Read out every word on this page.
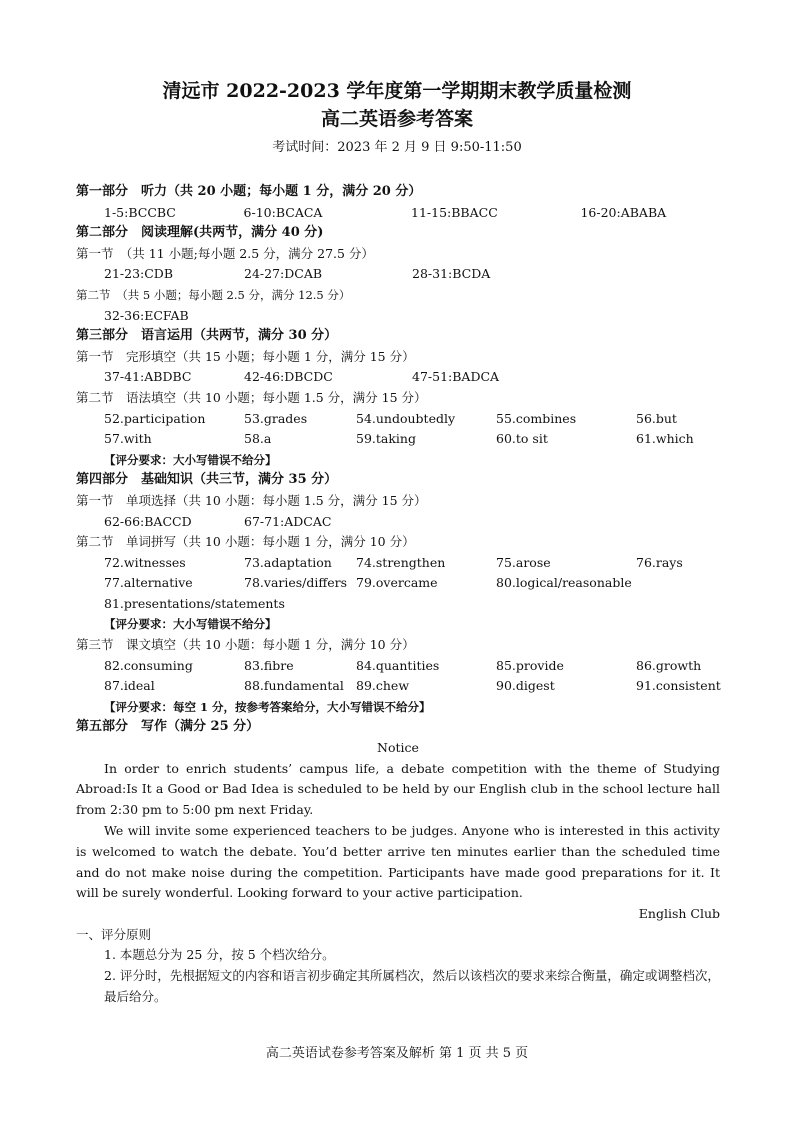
清远市 2022-2023 学年度第一学期期末教学质量检测
高二英语参考答案
考试时间：2023 年 2 月 9 日 9:50-11:50
第一部分　听力（共 20 小题；每小题 1 分，满分 20 分）
1-5:BCCBC	6-10:BCACA	11-15:BBACC	16-20:ABABA
第二部分　阅读理解(共两节，满分 40 分)
第一节　（共 11 小题;每小题 2.5 分，满分 27.5 分）
21-23:CDB	24-27:DCAB	28-31:BCDA
第二节　（共 5 小题；每小题 2.5 分，满分 12.5 分）
32-36:ECFAB
第三部分　语言运用（共两节，满分 30 分）
第一节　完形填空（共 15 小题；每小题 1 分，满分 15 分）
37-41:ABDBC	42-46:DBCDC	47-51:BADCA
第二节　语法填空（共 10 小题；每小题 1.5 分，满分 15 分）
52.participation	53.grades	54.undoubtedly	55.combines	56.but
57.with	58.a	59.taking	60.to sit	61.which
【评分要求：大小写错误不给分】
第四部分　基础知识（共三节，满分 35 分）
第一节　单项选择（共 10 小题：每小题 1.5 分，满分 15 分）
62-66:BACCD	67-71:ADCAC
第二节　单词拼写（共 10 小题：每小题 1 分，满分 10 分）
72.witnesses	73.adaptation	74.strengthen	75.arose	76.rays
77.alternative	78.varies/differs 79.overcame	80.logical/reasonable
81.presentations/statements
【评分要求：大小写错误不给分】
第三节　课文填空（共 10 小题：每小题 1 分，满分 10 分）
82.consuming	83.fibre	84.quantities	85.provide	86.growth
87.ideal	88.fundamental 89.chew	90.digest	91.consistent
【评分要求：每空 1 分，按参考答案给分，大小写错误不给分】
第五部分　写作（满分 25 分）
Notice

In order to enrich students’ campus life, a debate competition with the theme of Studying Abroad:Is It a Good or Bad Idea is scheduled to be held by our English club in the school lecture hall from 2:30 pm to 5:00 pm next Friday.

We will invite some experienced teachers to be judges. Anyone who is interested in this activity is welcomed to watch the debate. You’d better arrive ten minutes earlier than the scheduled time and do not make noise during the competition. Participants have made good preparations for it. It will be surely wonderful. Looking forward to your active participation.

English Club
一、评分原则
1. 本题总分为 25 分，按 5 个档次给分。
2. 评分时，先根据短文的内容和语言初步确定其所属档次，然后以该档次的要求来综合衡量，确定或调整档次，最后给分。
高二英语试卷参考答案及解析 第 1 页 共 5 页
